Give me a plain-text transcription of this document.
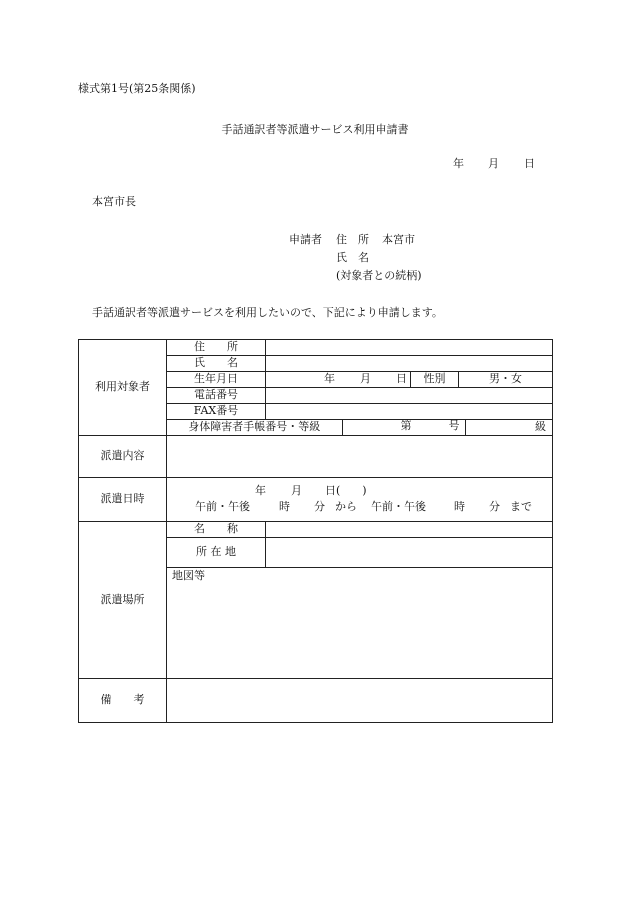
様式第1号(第25条関係)
手話通訳者等派遣サービス利用申請書
年 月 日
本宮市長
申請者 住　所 本宮市
氏　名
(対象者との続柄)
手話通訳者等派遣サービスを利用したいので、下記により申請します。
利用対象者	住　　所	
氏　　名	
生年月日	年 月 日	性別	男・女
電話番号	
FAX番号	

身体障害者手帳番号・等級	第	号	級

派遣内容	
派遣日時	
年 月 日(　　)
午前・午後	時 分 から 午前・午後	時 分 まで

派遣場所	名　　称	
所 在 地	
地図等
備　　考	
